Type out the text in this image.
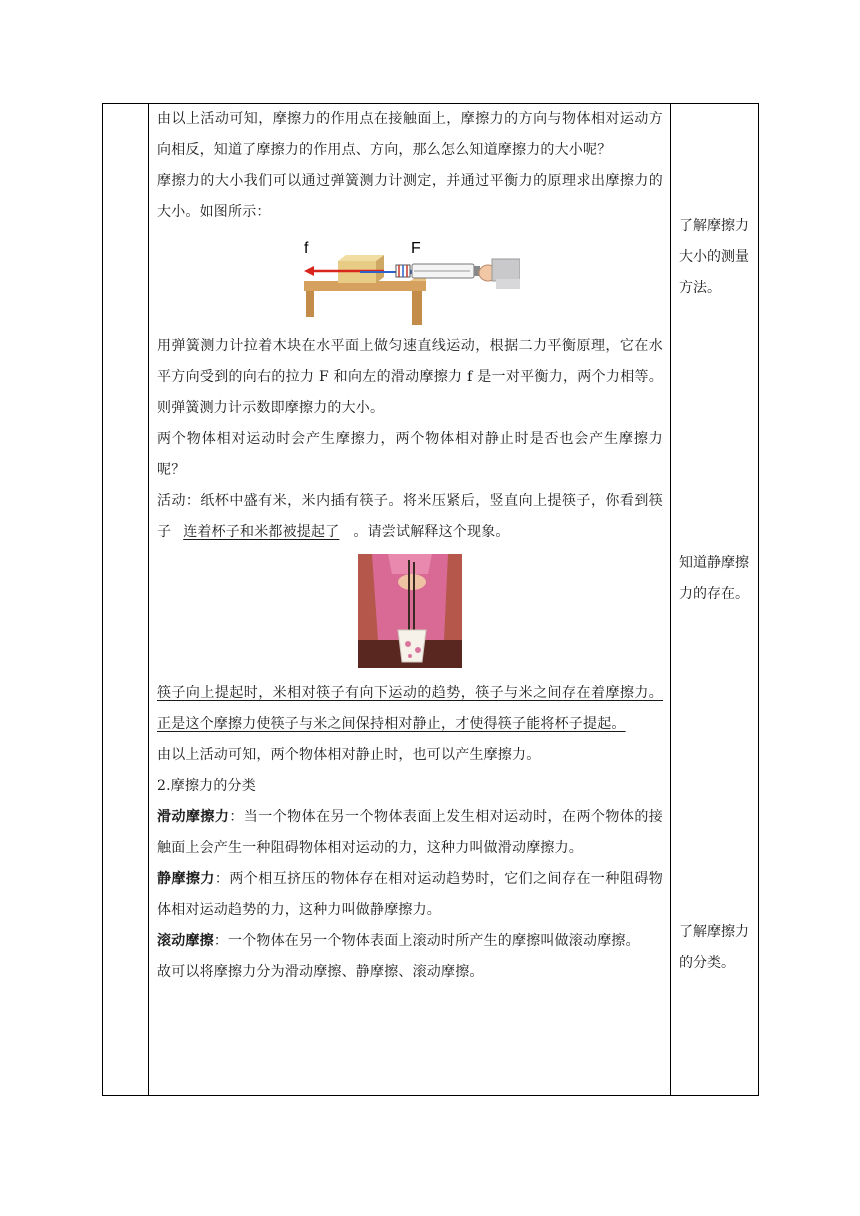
由以上活动可知，摩擦力的作用点在接触面上，摩擦力的方向与物体相对运动方向相反，知道了摩擦力的作用点、方向，那么怎么知道摩擦力的大小呢？

摩擦力的大小我们可以通过弹簧测力计测定，并通过平衡力的原理求出摩擦力的大小。如图所示：

f	F

用弹簧测力计拉着木块在水平面上做匀速直线运动，根据二力平衡原理，它在水平方向受到的向右的拉力 F 和向左的滑动摩擦力 f 是一对平衡力，两个力相等。则弹簧测力计示数即摩擦力的大小。

两个物体相对运动时会产生摩擦力，两个物体相对静止时是否也会产生摩擦力呢？

活动：纸杯中盛有米，米内插有筷子。将米压紧后，竖直向上提筷子，你看到筷子 连着杯子和米都被提起了 。请尝试解释这个现象。

筷子向上提起时，米相对筷子有向下运动的趋势，筷子与米之间存在着摩擦力。正是这个摩擦力使筷子与米之间保持相对静止，才使得筷子能将杯子提起。

由以上活动可知，两个物体相对静止时，也可以产生摩擦力。

2.摩擦力的分类

滑动摩擦力：当一个物体在另一个物体表面上发生相对运动时，在两个物体的接触面上会产生一种阻碍物体相对运动的力，这种力叫做滑动摩擦力。

静摩擦力：两个相互挤压的物体存在相对运动趋势时，它们之间存在一种阻碍物体相对运动趋势的力，这种力叫做静摩擦力。

滚动摩擦：一个物体在另一个物体表面上滚动时所产生的摩擦叫做滚动摩擦。

故可以将摩擦力分为滑动摩擦、静摩擦、滚动摩擦。

了解摩擦力大小的测量方法。
知道静摩擦力的存在。
了解摩擦力的分类。
